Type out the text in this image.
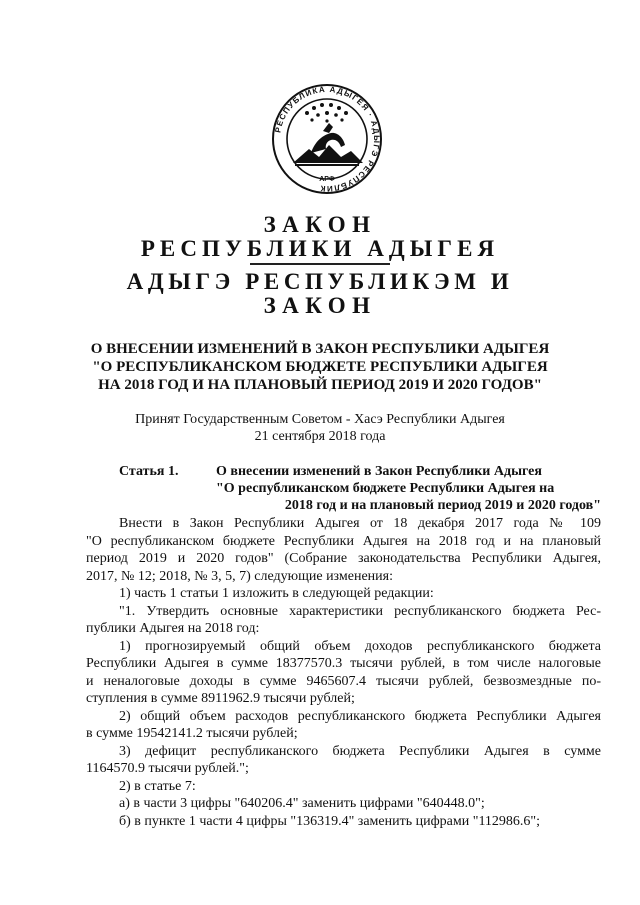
РЕСПУБЛИКА АДЫГЕЯ · АДЫГЭ РЕСПУБЛИК
АРФ
ЗАКОН
РЕСПУБЛИКИ АДЫГЕЯ
АДЫГЭ РЕСПУБЛИКЭМ И
ЗАКОН
О ВНЕСЕНИИ ИЗМЕНЕНИЙ В ЗАКОН РЕСПУБЛИКИ АДЫГЕЯ
"О РЕСПУБЛИКАНСКОМ БЮДЖЕТЕ РЕСПУБЛИКИ АДЫГЕЯ
НА 2018 ГОД И НА ПЛАНОВЫЙ ПЕРИОД 2019 И 2020 ГОДОВ"
Принят Государственным Советом - Хасэ Республики Адыгея
21 сентября 2018 года
Статья 1.	О внесении изменений в Закон Республики Адыгея
"О республиканском бюджете Республики Адыгея на
2018 год и на плановый период 2019 и 2020 годов"
Внести в Закон Республики Адыгея от 18 декабря 2017 года № 109
"О республиканском бюджете Республики Адыгея на 2018 год и на плановый
период 2019 и 2020 годов" (Собрание законодательства Республики Адыгея,
2017, № 12; 2018, № 3, 5, 7) следующие изменения:
1) часть 1 статьи 1 изложить в следующей редакции:
"1. Утвердить основные характеристики республиканского бюджета Рес-
публики Адыгея на 2018 год:
1) прогнозируемый общий объем доходов республиканского бюджета
Республики Адыгея в сумме 18377570.3 тысячи рублей, в том числе налоговые
и неналоговые доходы в сумме 9465607.4 тысячи рублей, безвозмездные по-
ступления в сумме 8911962.9 тысячи рублей;
2) общий объем расходов республиканского бюджета Республики Адыгея
в сумме 19542141.2 тысячи рублей;
3) дефицит республиканского бюджета Республики Адыгея в сумме
1164570.9 тысячи рублей.";
2) в статье 7:
а) в части 3 цифры "640206.4" заменить цифрами "640448.0";
б) в пункте 1 части 4 цифры "136319.4" заменить цифрами "112986.6";
